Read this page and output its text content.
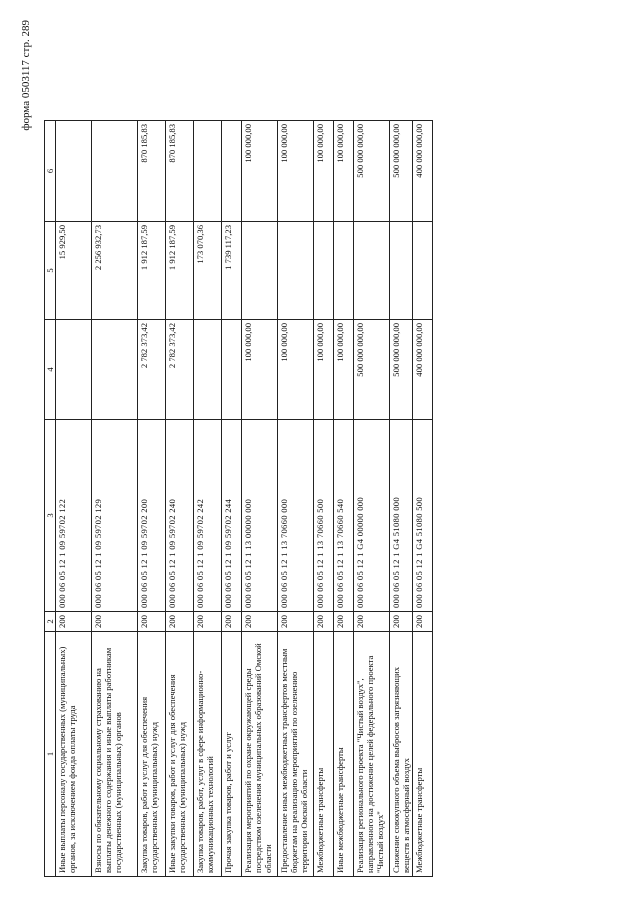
форма 0503117 стр. 289
1	2	3	4	5	6
Иные выплаты персоналу государственных (муниципальных) органов, за исключением фонда оплаты труда	200	000 06 05 12 1 09 59702 122		15 929,50	
Взносы по обязательному социальному страхованию на выплаты денежного содержания и иные выплаты работникам государственных (муниципальных) органов	200	000 06 05 12 1 09 59702 129		2 256 932,73	
Закупка товаров, работ и услуг для обеспечения государственных (муниципальных) нужд	200	000 06 05 12 1 09 59702 200	2 782 373,42	1 912 187,59	870 185,83
Иные закупки товаров, работ и услуг для обеспечения государственных (муниципальных) нужд	200	000 06 05 12 1 09 59702 240	2 782 373,42	1 912 187,59	870 185,83
Закупка товаров, работ, услуг в сфере информационно-коммуникационных технологий	200	000 06 05 12 1 09 59702 242		173 070,36	
Прочая закупка товаров, работ и услуг	200	000 06 05 12 1 09 59702 244		1 739 117,23	
Реализация мероприятий по охране окружающей среды посредством озеленения муниципальных образований Омской области	200	000 06 05 12 1 13 00000 000	100 000,00		100 000,00
Предоставление иных межбюджетных трансфертов местным бюджетам на реализацию мероприятий по озеленению территории Омской области	200	000 06 05 12 1 13 70660 000	100 000,00		100 000,00
Межбюджетные трансферты	200	000 06 05 12 1 13 70660 500	100 000,00		100 000,00
Иные межбюджетные трансферты	200	000 06 05 12 1 13 70660 540	100 000,00		100 000,00
Реализация регионального проекта "Чистый воздух", направленного на достижение целей федерального проекта "Чистый воздух"	200	000 06 05 12 1 G4 00000 000	500 000 000,00		500 000 000,00
Снижение совокупного объема выбросов загрязняющих веществ в атмосферный воздух	200	000 06 05 12 1 G4 51080 000	500 000 000,00		500 000 000,00
Межбюджетные трансферты	200	000 06 05 12 1 G4 51080 500	400 000 000,00		400 000 000,00
